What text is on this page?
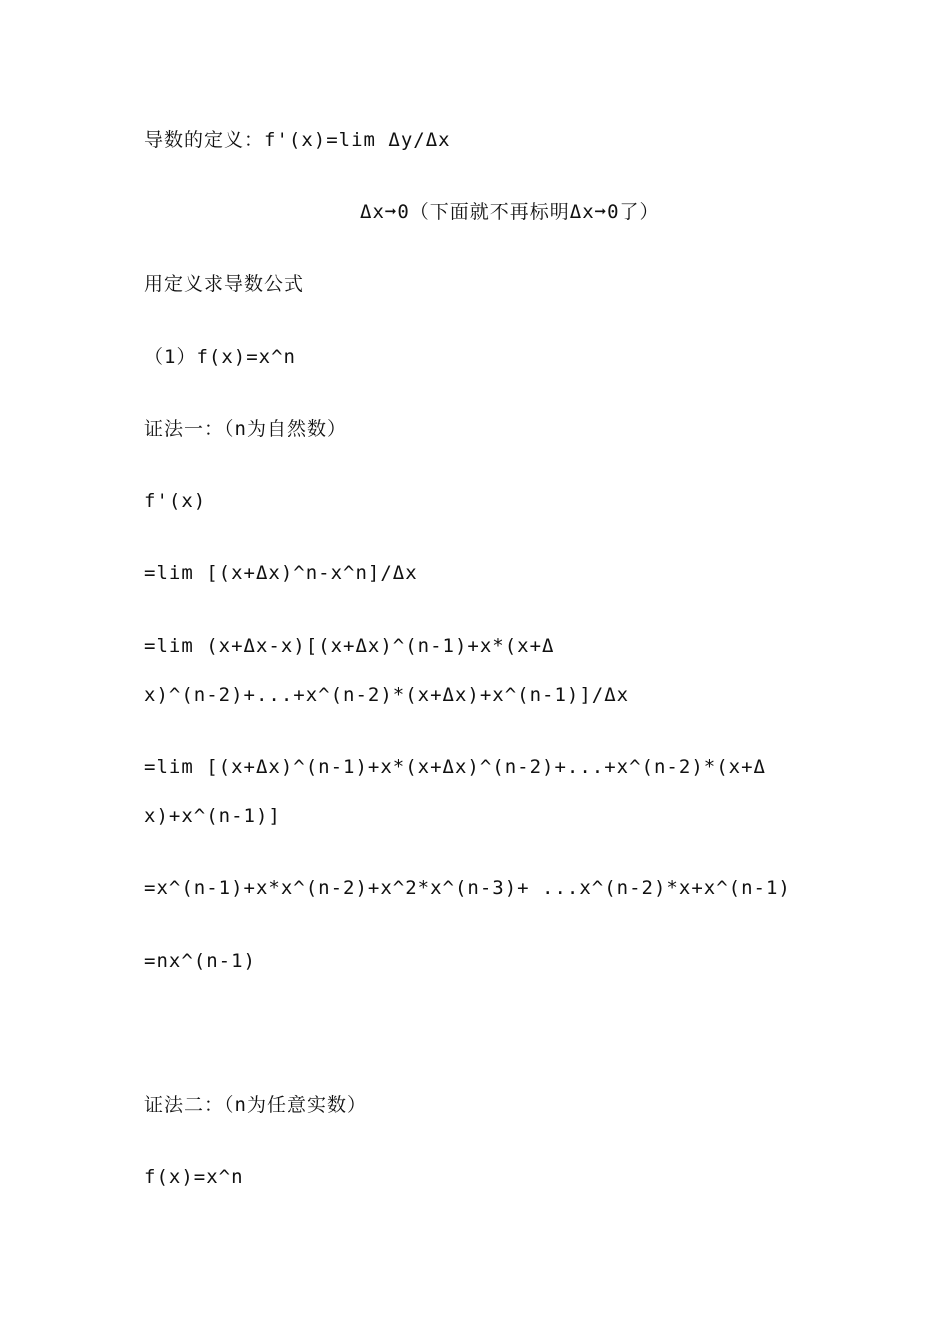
导数的定义：f'(x)=lim Δy/Δx
Δx➞0（下面就不再标明Δx➞0了）
用定义求导数公式
（1）f(x)=x^n
证法一：（n为自然数）
f'(x)
=lim [(x+Δx)^n-x^n]/Δx
=lim (x+Δx-x)[(x+Δx)^(n-1)+x*(x+Δ
x)^(n-2)+...+x^(n-2)*(x+Δx)+x^(n-1)]/Δx
=lim [(x+Δx)^(n-1)+x*(x+Δx)^(n-2)+...+x^(n-2)*(x+Δ
x)+x^(n-1)]
=x^(n-1)+x*x^(n-2)+x^2*x^(n-3)+ ...x^(n-2)*x+x^(n-1)
=nx^(n-1)
证法二：（n为任意实数）
f(x)=x^n
